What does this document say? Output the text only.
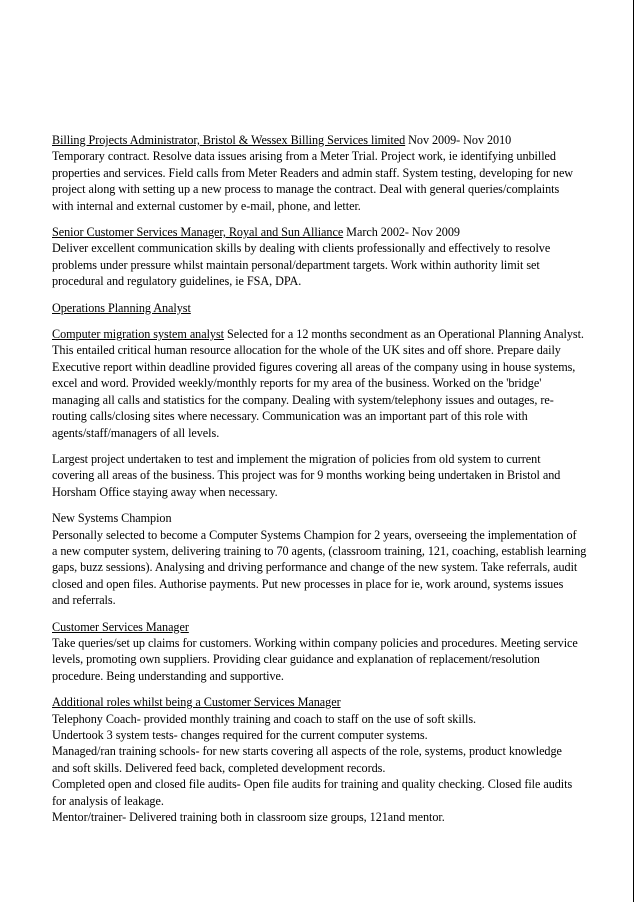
Billing Projects Administrator, Bristol & Wessex Billing Services limited Nov 2009- Nov 2010
Temporary contract. Resolve data issues arising from a Meter Trial. Project work, ie identifying unbilled
properties and services. Field calls from Meter Readers and admin staff. System testing, developing for new
project along with setting up a new process to manage the contract. Deal with general queries/complaints
with internal and external customer by e-mail, phone, and letter.
Senior Customer Services Manager, Royal and Sun Alliance March 2002- Nov 2009
Deliver excellent communication skills by dealing with clients professionally and effectively to resolve
problems under pressure whilst maintain personal/department targets. Work within authority limit set
procedural and regulatory guidelines, ie FSA, DPA.
Operations Planning Analyst
Computer migration system analyst Selected for a 12 months secondment as an Operational Planning Analyst.
This entailed critical human resource allocation for the whole of the UK sites and off shore. Prepare daily
Executive report within deadline provided figures covering all areas of the company using in house systems,
excel and word. Provided weekly/monthly reports for my area of the business. Worked on the 'bridge'
managing all calls and statistics for the company. Dealing with system/telephony issues and outages, re-
routing calls/closing sites where necessary. Communication was an important part of this role with
agents/staff/managers of all levels.
Largest project undertaken to test and implement the migration of policies from old system to current
covering all areas of the business. This project was for 9 months working being undertaken in Bristol and
Horsham Office staying away when necessary.
New Systems Champion
Personally selected to become a Computer Systems Champion for 2 years, overseeing the implementation of
a new computer system, delivering training to 70 agents, (classroom training, 121, coaching, establish learning
gaps, buzz sessions). Analysing and driving performance and change of the new system. Take referrals, audit
closed and open files. Authorise payments. Put new processes in place for ie, work around, systems issues
and referrals.
Customer Services Manager
Take queries/set up claims for customers. Working within company policies and procedures. Meeting service
levels, promoting own suppliers. Providing clear guidance and explanation of replacement/resolution
procedure. Being understanding and supportive.
Additional roles whilst being a Customer Services Manager
Telephony Coach- provided monthly training and coach to staff on the use of soft skills.
Undertook 3 system tests- changes required for the current computer systems.
Managed/ran training schools- for new starts covering all aspects of the role, systems, product knowledge
and soft skills. Delivered feed back, completed development records.
Completed open and closed file audits- Open file audits for training and quality checking. Closed file audits
for analysis of leakage.
Mentor/trainer- Delivered training both in classroom size groups, 121and mentor.
